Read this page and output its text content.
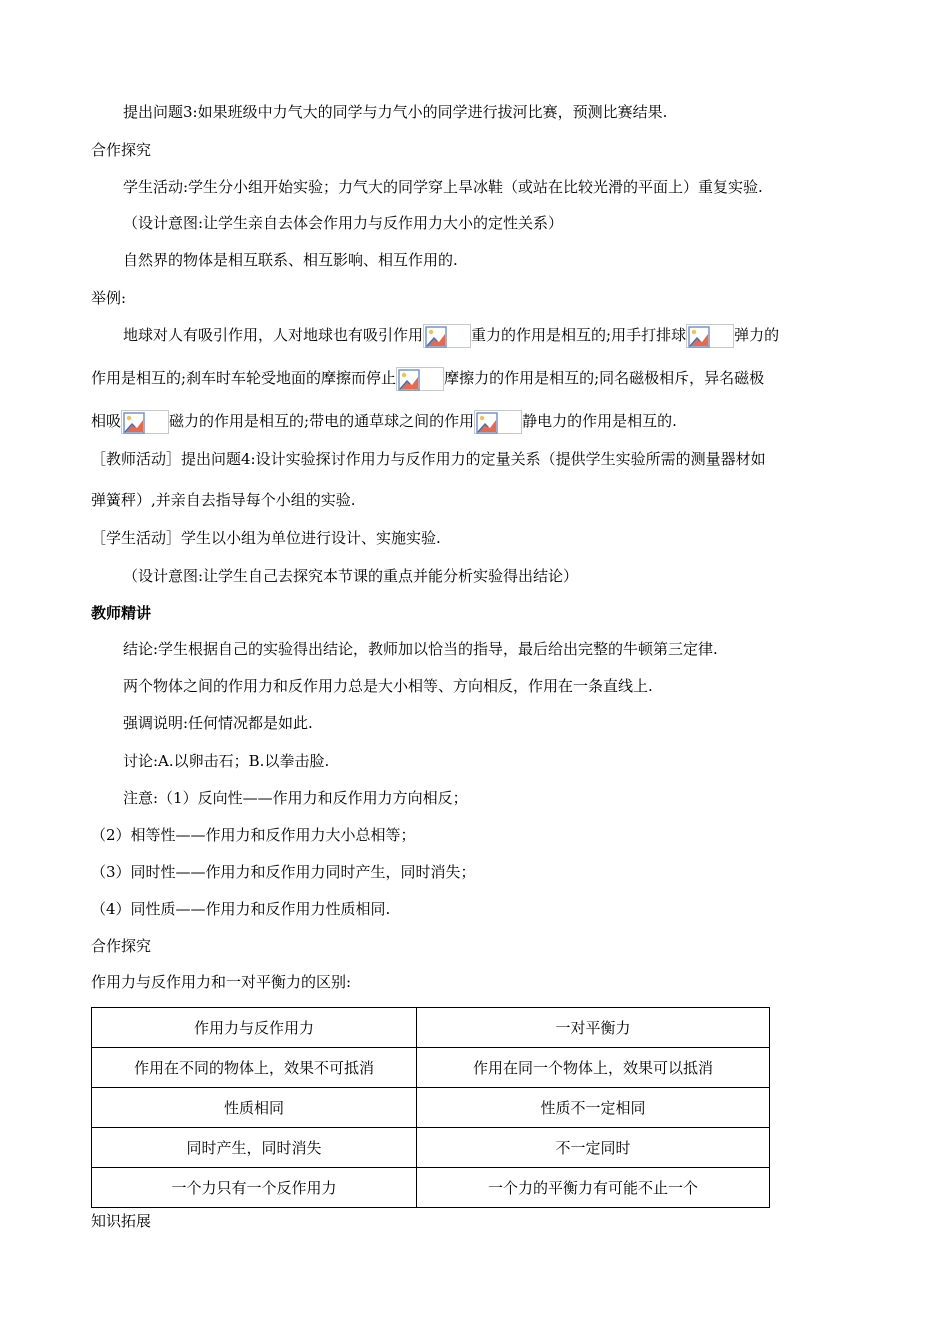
提出问题3:如果班级中力气大的同学与力气小的同学进行拔河比赛，预测比赛结果.
合作探究
学生活动:学生分小组开始实验；力气大的同学穿上旱冰鞋（或站在比较光滑的平面上）重复实验.
（设计意图:让学生亲自去体会作用力与反作用力大小的定性关系）
自然界的物体是相互联系、相互影响、相互作用的.
举例:
地球对人有吸引作用，人对地球也有吸引作用	重力的作用是相互的;用手打排球	弹力的
作用是相互的;刹车时车轮受地面的摩擦而停止	摩擦力的作用是相互的;同名磁极相斥，异名磁极
相吸	磁力的作用是相互的;带电的通草球之间的作用	静电力的作用是相互的.
［教师活动］提出问题4:设计实验探讨作用力与反作用力的定量关系（提供学生实验所需的测量器材如
弹簧秤）,并亲自去指导每个小组的实验.
［学生活动］学生以小组为单位进行设计、实施实验.
（设计意图:让学生自己去探究本节课的重点并能分析实验得出结论）
教师精讲
结论:学生根据自己的实验得出结论，教师加以恰当的指导，最后给出完整的牛顿第三定律.
两个物体之间的作用力和反作用力总是大小相等、方向相反，作用在一条直线上.
强调说明:任何情况都是如此.
讨论:A.以卵击石；B.以拳击脸.
注意:（1）反向性——作用力和反作用力方向相反；
（2）相等性——作用力和反作用力大小总相等；
（3）同时性——作用力和反作用力同时产生，同时消失；
（4）同性质——作用力和反作用力性质相同.
合作探究
作用力与反作用力和一对平衡力的区别:
作用力与反作用力	一对平衡力
作用在不同的物体上，效果不可抵消	作用在同一个物体上，效果可以抵消
性质相同	性质不一定相同
同时产生，同时消失	不一定同时
一个力只有一个反作用力	一个力的平衡力有可能不止一个
知识拓展
